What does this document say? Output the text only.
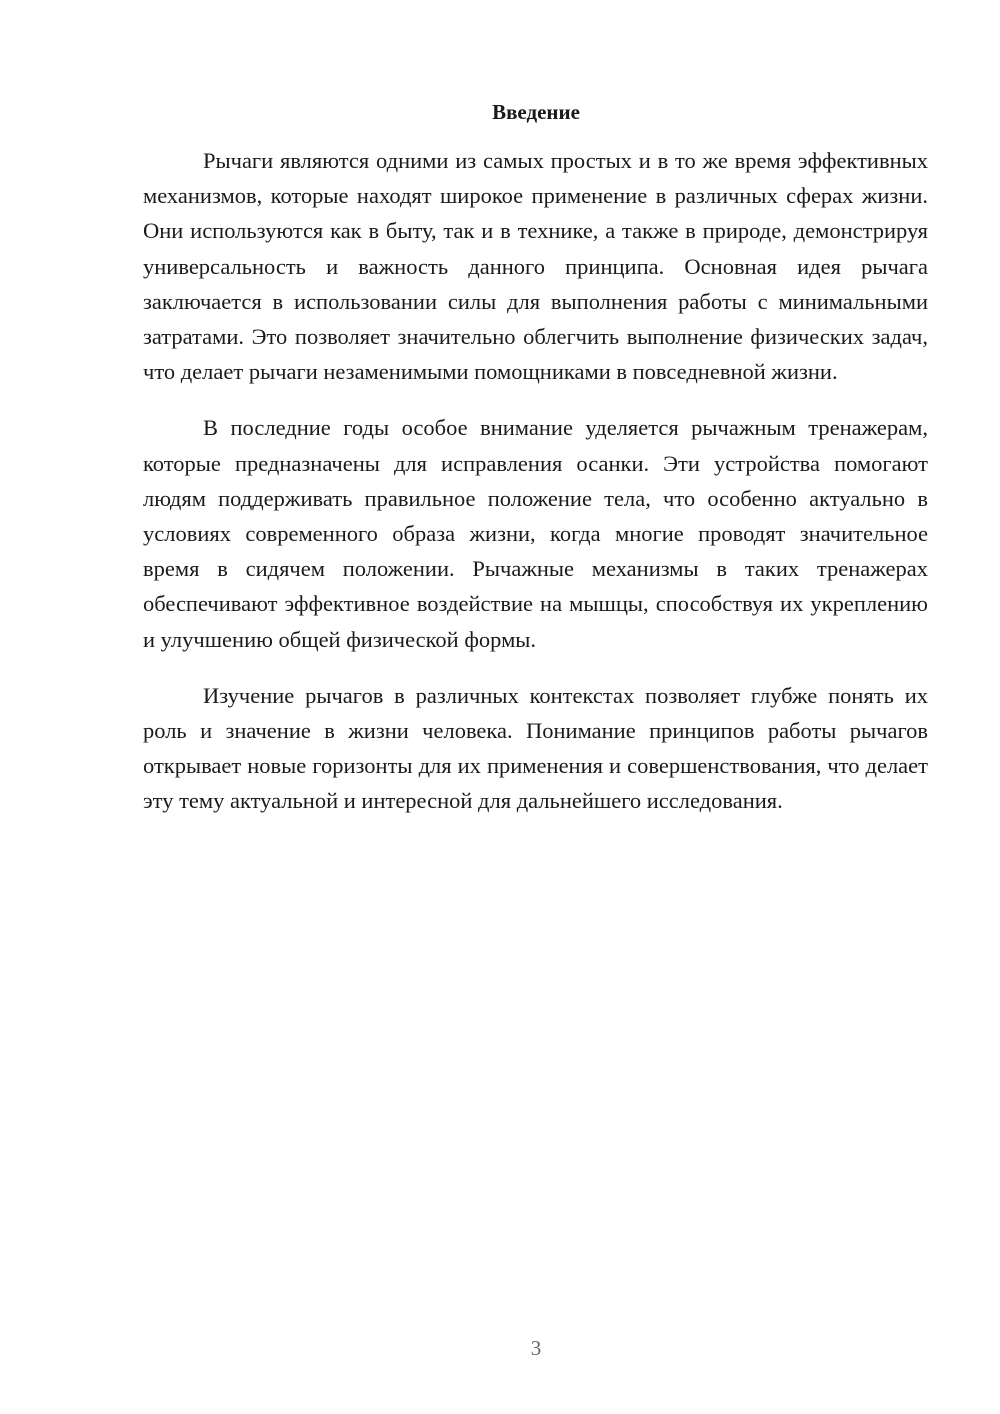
Введение

Рычаги являются одними из самых простых и в то же время эффективных механизмов, которые находят широкое применение в различных сферах жизни. Они используются как в быту, так и в технике, а также в природе, демонстрируя универсальность и важность данного принципа. Основная идея рычага заключается в использовании силы для выполнения работы с минимальными затратами. Это позволяет значительно облегчить выполнение физических задач, что делает рычаги незаменимыми помощниками в повседневной жизни.

В последние годы особое внимание уделяется рычажным тренажерам, которые предназначены для исправления осанки. Эти устройства помогают людям поддерживать правильное положение тела, что особенно актуально в условиях современного образа жизни, когда многие проводят значительное время в сидячем положении. Рычажные механизмы в таких тренажерах обеспечивают эффективное воздействие на мышцы, способствуя их укреплению и улучшению общей физической формы.

Изучение рычагов в различных контекстах позволяет глубже понять их роль и значение в жизни человека. Понимание принципов работы рычагов открывает новые горизонты для их применения и совершенствования, что делает эту тему актуальной и интересной для дальнейшего исследования.

3
